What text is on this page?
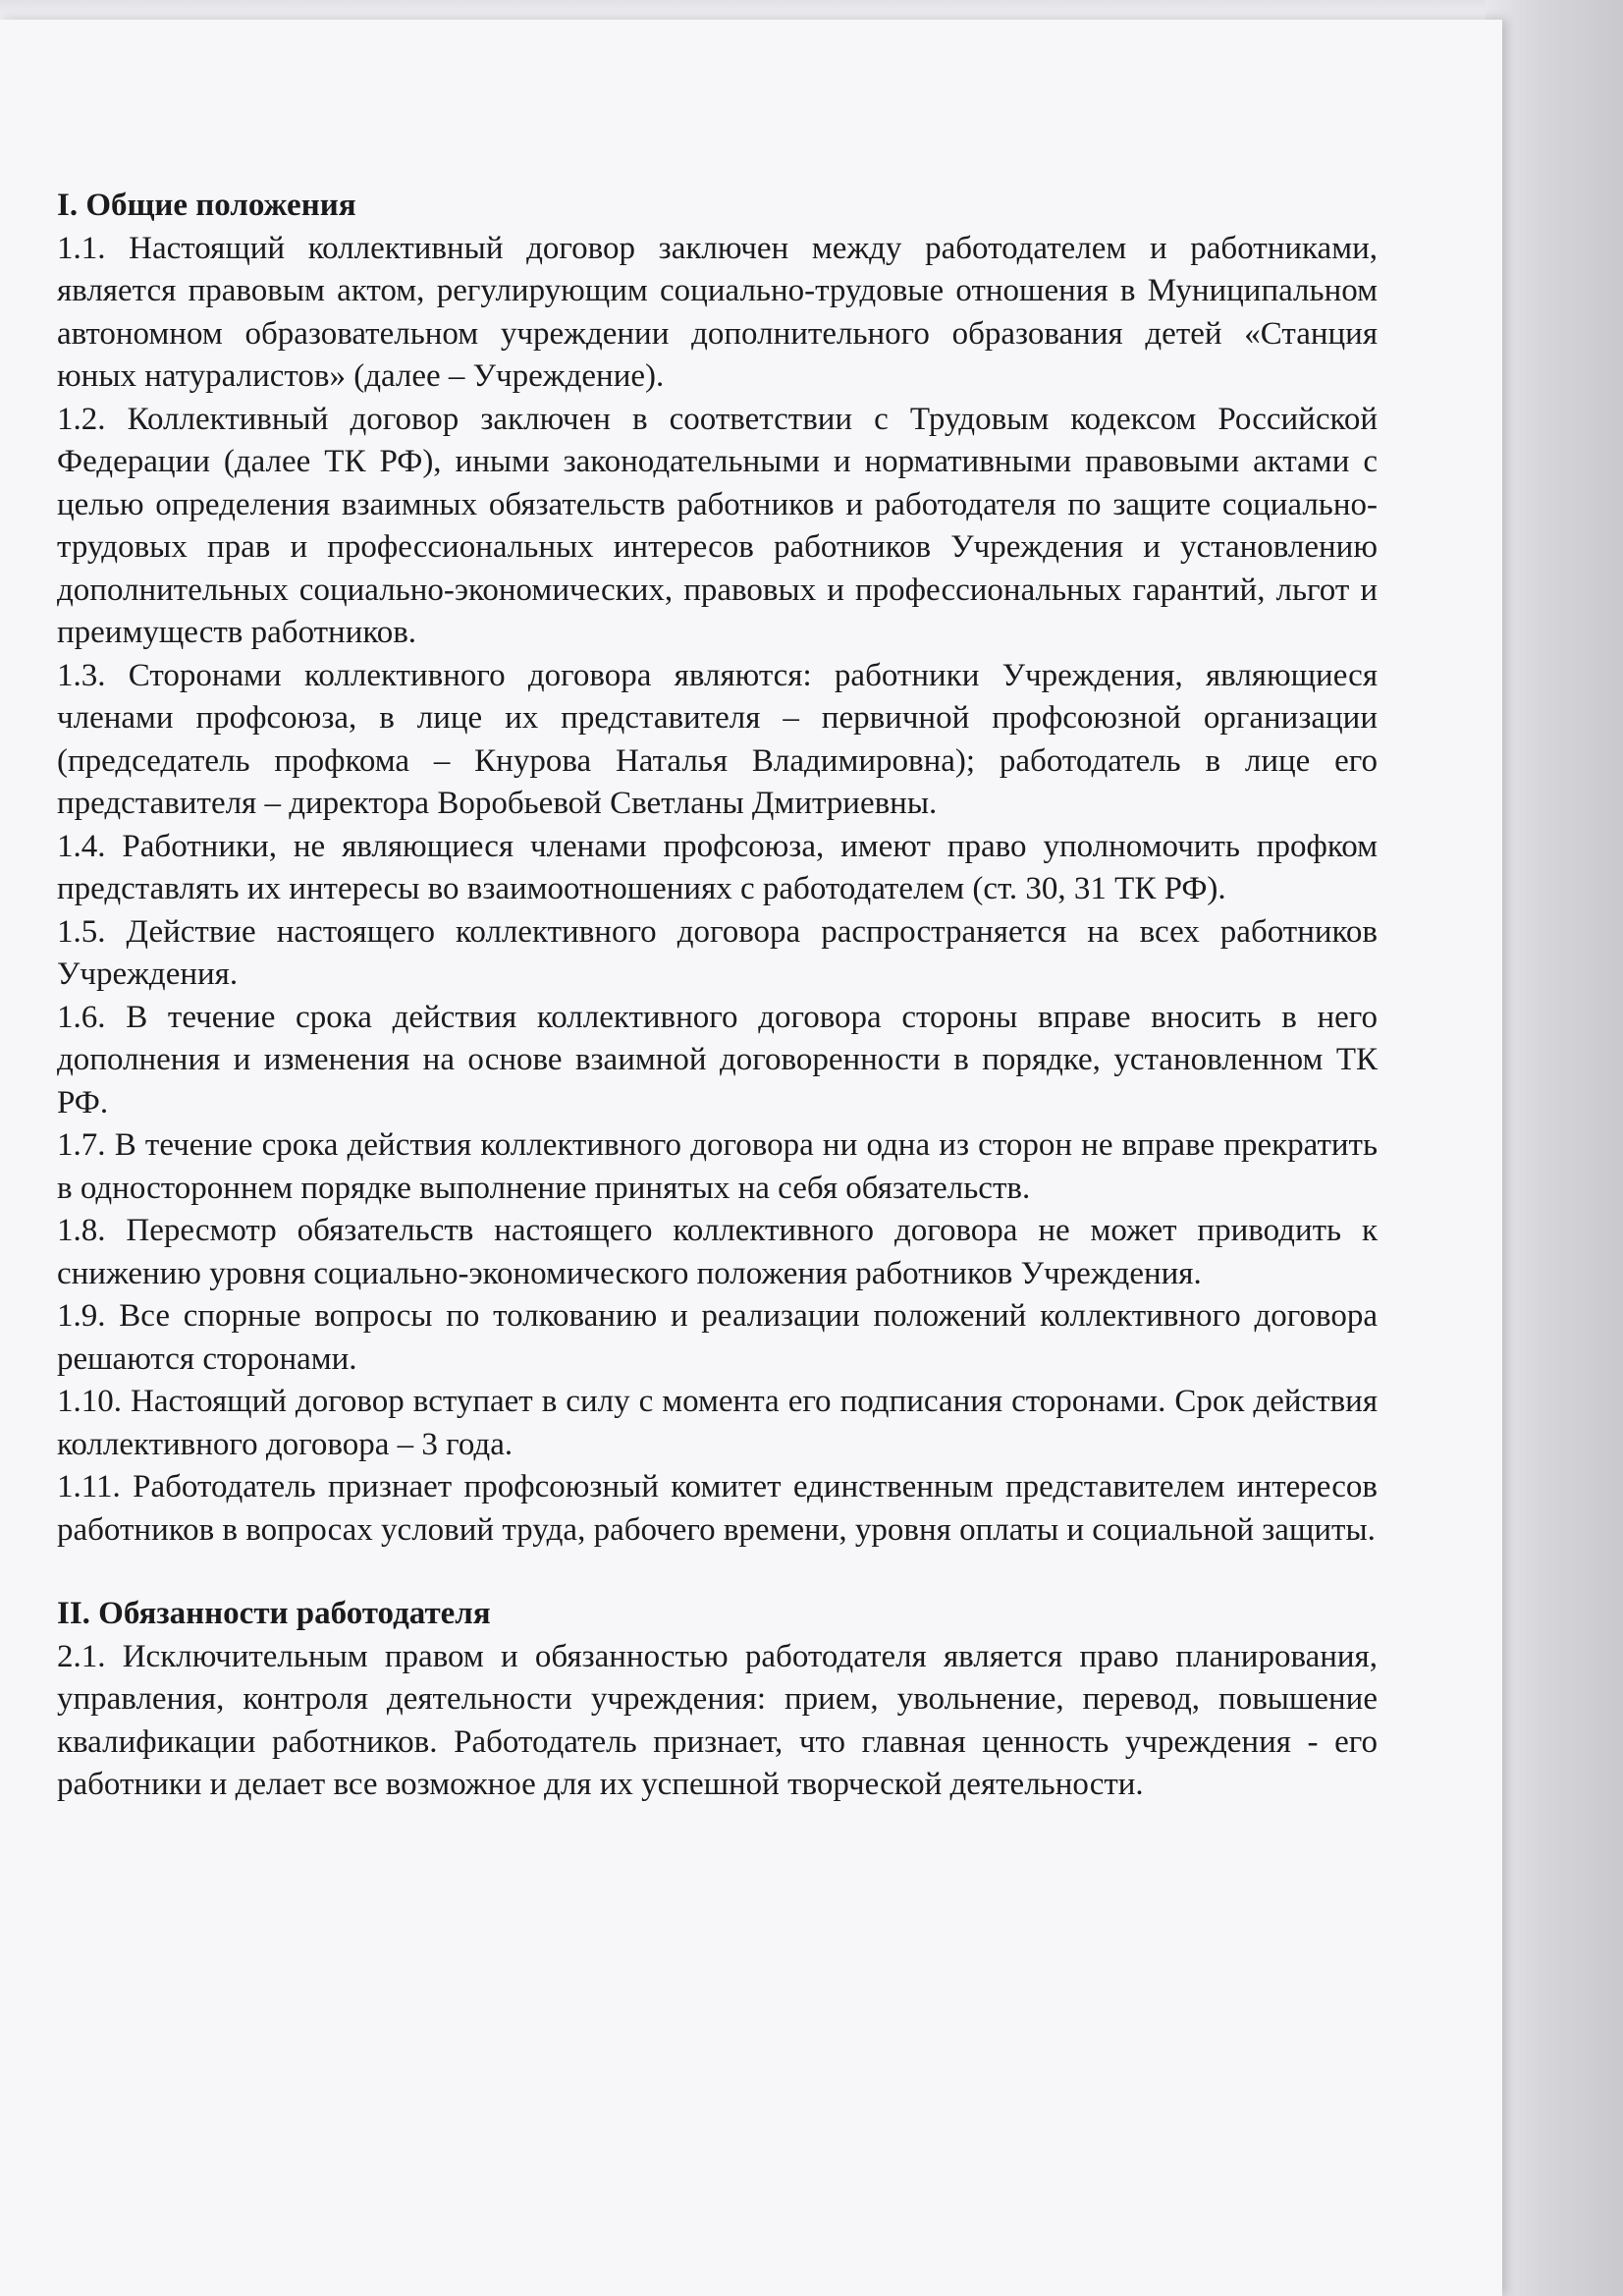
I. Общие положения

1.1. Настоящий коллективный договор заключен между работодателем и работниками, является правовым актом, регулирующим социально-трудовые отношения в Муниципальном автономном образовательном учреждении дополнительного образования детей «Станция юных натуралистов» (далее – Учреждение).

1.2. Коллективный договор заключен в соответствии с Трудовым кодексом Российской Федерации (далее ТК РФ), иными законодательными и нормативными правовыми актами с целью определения взаимных обязательств работников и работодателя по защите социально-трудовых прав и профессиональных интересов работников Учреждения и установлению дополнительных социально-экономических, правовых и профессиональных гарантий, льгот и преимуществ работников.

1.3. Сторонами коллективного договора являются: работники Учреждения, являющиеся членами профсоюза, в лице их представителя – первичной профсоюзной организации (председатель профкома – Кнурова Наталья Владимировна); работодатель в лице его представителя – директора Воробьевой Светланы Дмитриевны.

1.4. Работники, не являющиеся членами профсоюза, имеют право уполномочить профком представлять их интересы во взаимоотношениях с работодателем (ст. 30, 31 ТК РФ).

1.5. Действие настоящего коллективного договора распространяется на всех работников Учреждения.

1.6. В течение срока действия коллективного договора стороны вправе вносить в него дополнения и изменения на основе взаимной договоренности в порядке, установленном ТК РФ.

1.7. В течение срока действия коллективного договора ни одна из сторон не вправе прекратить в одностороннем порядке выполнение принятых на себя обязательств.

1.8. Пересмотр обязательств настоящего коллективного договора не может приводить к снижению уровня социально-экономического положения работников Учреждения.

1.9. Все спорные вопросы по толкованию и реализации положений коллективного договора решаются сторонами.

1.10. Настоящий договор вступает в силу с момента его подписания сторонами. Срок действия коллективного договора – 3 года.

1.11. Работодатель признает профсоюзный комитет единственным представителем интересов работников в вопросах условий труда, рабочего времени, уровня оплаты и социальной защиты.

II. Обязанности работодателя

2.1. Исключительным правом и обязанностью работодателя является право планирования, управления, контроля деятельности учреждения: прием, увольнение, перевод, повышение квалификации работников. Работодатель признает, что главная ценность учреждения - его работники и делает все возможное для их успешной творческой деятельности.
